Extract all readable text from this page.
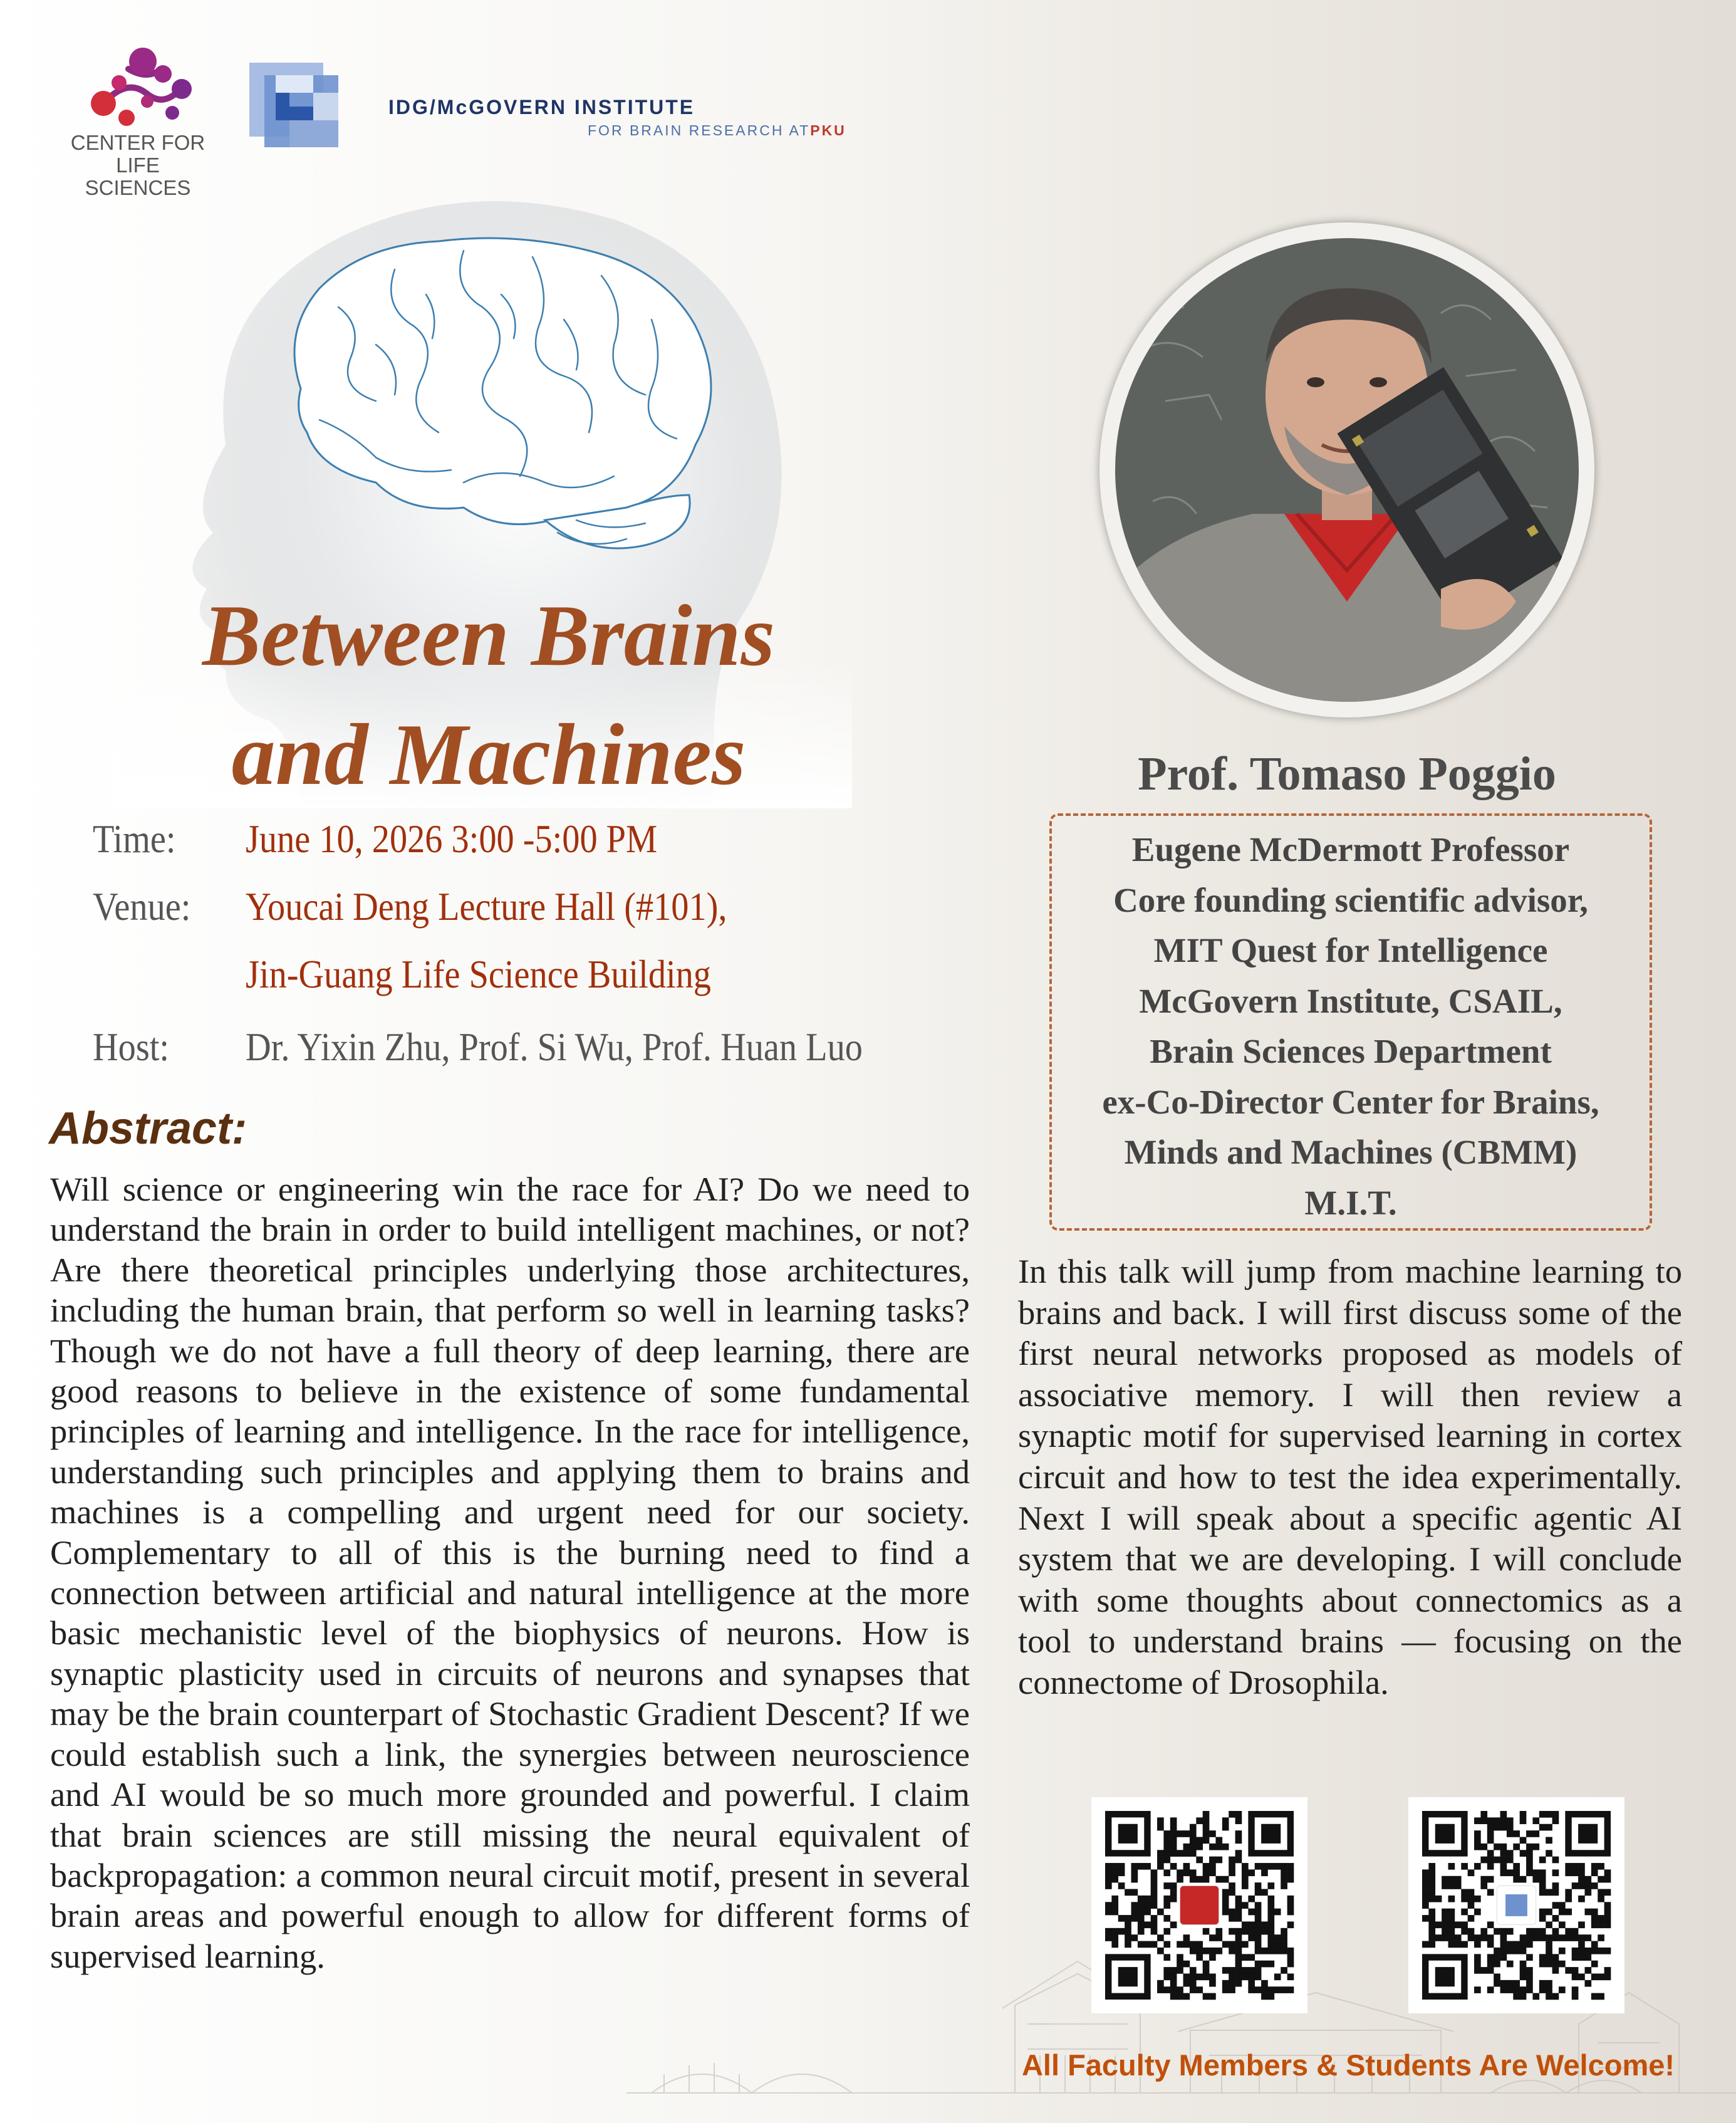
CENTER FOR
LIFE SCIENCES
IDG/McGOVERN INSTITUTE
FOR BRAIN RESEARCH ATPKU
Between Brains and Machines
Time: June 10, 2026 3:00 -5:00 PM
Venue: Youcai Deng Lecture Hall (#101),
Jin-Guang Life Science Building
Host: Dr. Yixin Zhu, Prof. Si Wu, Prof. Huan Luo
Abstract:
Will science or engineering win the race for AI? Do we need to understand the brain in order to build intelligent machines, or not? Are there theoretical principles underlying those architectures, including the human brain, that perform so well in learning tasks? Though we do not have a full theory of deep learning, there are good reasons to believe in the existence of some fundamental principles of learning and intelligence. In the race for intelligence, understanding such principles and applying them to brains and machines is a compelling and urgent need for our society. Complementary to all of this is the burning need to find a connection between artificial and natural intelligence at the more basic mechanistic level of the biophysics of neurons. How is synaptic plasticity used in circuits of neurons and synapses that may be the brain counterpart of Stochastic Gradient Descent? If we could establish such a link, the synergies between neuroscience and AI would be so much more grounded and powerful. I claim that brain sciences are still missing the neural equivalent of backpropagation: a common neural circuit motif, present in several brain areas and powerful enough to allow for different forms of supervised learning.
Prof. Tomaso Poggio
Eugene McDermott Professor
Core founding scientific advisor,
MIT Quest for Intelligence
McGovern Institute, CSAIL,
Brain Sciences Department
ex-Co-Director Center for Brains,
Minds and Machines (CBMM)
M.I.T.
In this talk will jump from machine learning to brains and back. I will first discuss some of the first neural networks proposed as models of associative memory. I will then review a synaptic motif for supervised learning in cortex circuit and how to test the idea experimentally. Next I will speak about a specific agentic AI system that we are developing. I will conclude with some thoughts about connectomics as a tool to understand brains — focusing on the connectome of Drosophila.
All Faculty Members & Students Are Welcome!
